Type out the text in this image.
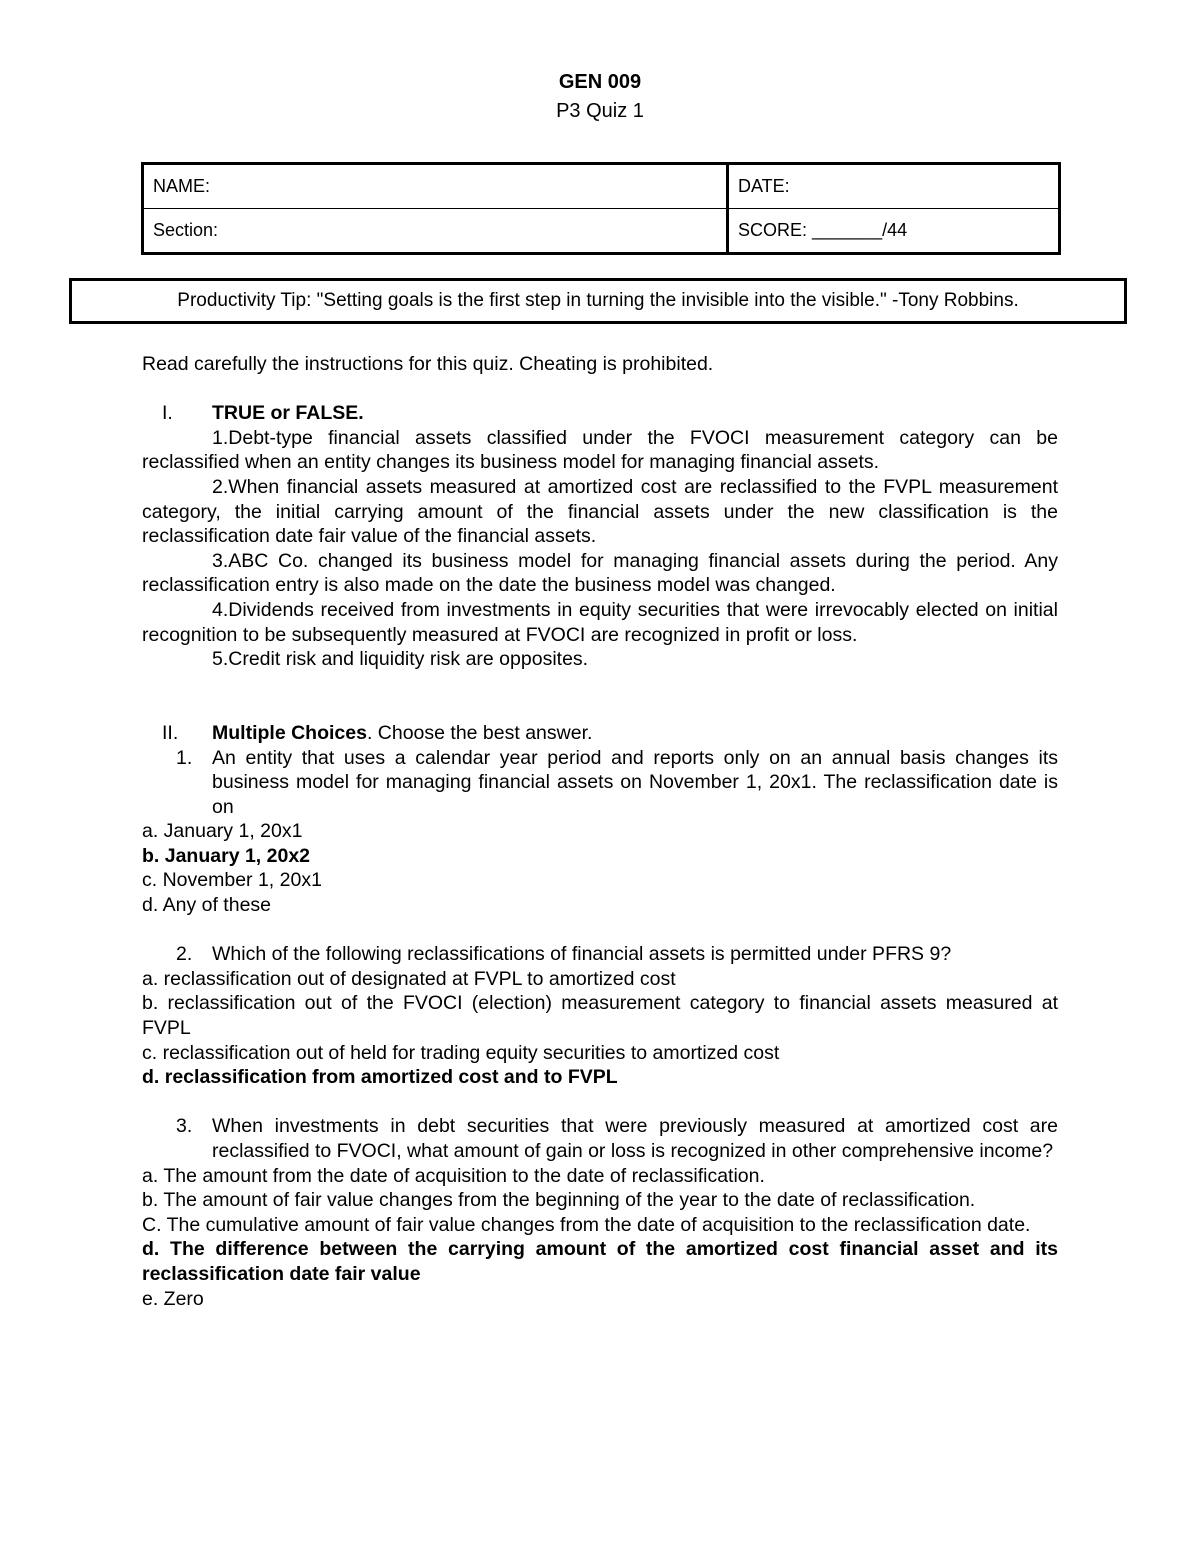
GEN 009
P3 Quiz 1
NAME:	DATE:
Section:	SCORE: _______/44
Productivity Tip: "Setting goals is the first step in turning the invisible into the visible." -Tony Robbins.

Read carefully the instructions for this quiz. Cheating is prohibited.

I. TRUE or FALSE.

1.Debt-type financial assets classified under the FVOCI measurement category can be reclassified when an entity changes its business model for managing financial assets.

2.When financial assets measured at amortized cost are reclassified to the FVPL measurement category, the initial carrying amount of the financial assets under the new classification is the reclassification date fair value of the financial assets.

3.ABC Co. changed its business model for managing financial assets during the period. Any reclassification entry is also made on the date the business model was changed.

4.Dividends received from investments in equity securities that were irrevocably elected on initial recognition to be subsequently measured at FVOCI are recognized in profit or loss.

5.Credit risk and liquidity risk are opposites.

II. Multiple Choices. Choose the best answer.

1. An entity that uses a calendar year period and reports only on an annual basis changes its business model for managing financial assets on November 1, 20x1. The reclassification date is on

a. January 1, 20x1

b. January 1, 20x2

c. November 1, 20x1

d. Any of these

2. Which of the following reclassifications of financial assets is permitted under PFRS 9?

a. reclassification out of designated at FVPL to amortized cost

b. reclassification out of the FVOCI (election) measurement category to financial assets measured at FVPL

c. reclassification out of held for trading equity securities to amortized cost

d. reclassification from amortized cost and to FVPL

3. When investments in debt securities that were previously measured at amortized cost are reclassified to FVOCI, what amount of gain or loss is recognized in other comprehensive income?

a. The amount from the date of acquisition to the date of reclassification.

b. The amount of fair value changes from the beginning of the year to the date of reclassification.

C. The cumulative amount of fair value changes from the date of acquisition to the reclassification date.

d. The difference between the carrying amount of the amortized cost financial asset and its reclassification date fair value

e. Zero
